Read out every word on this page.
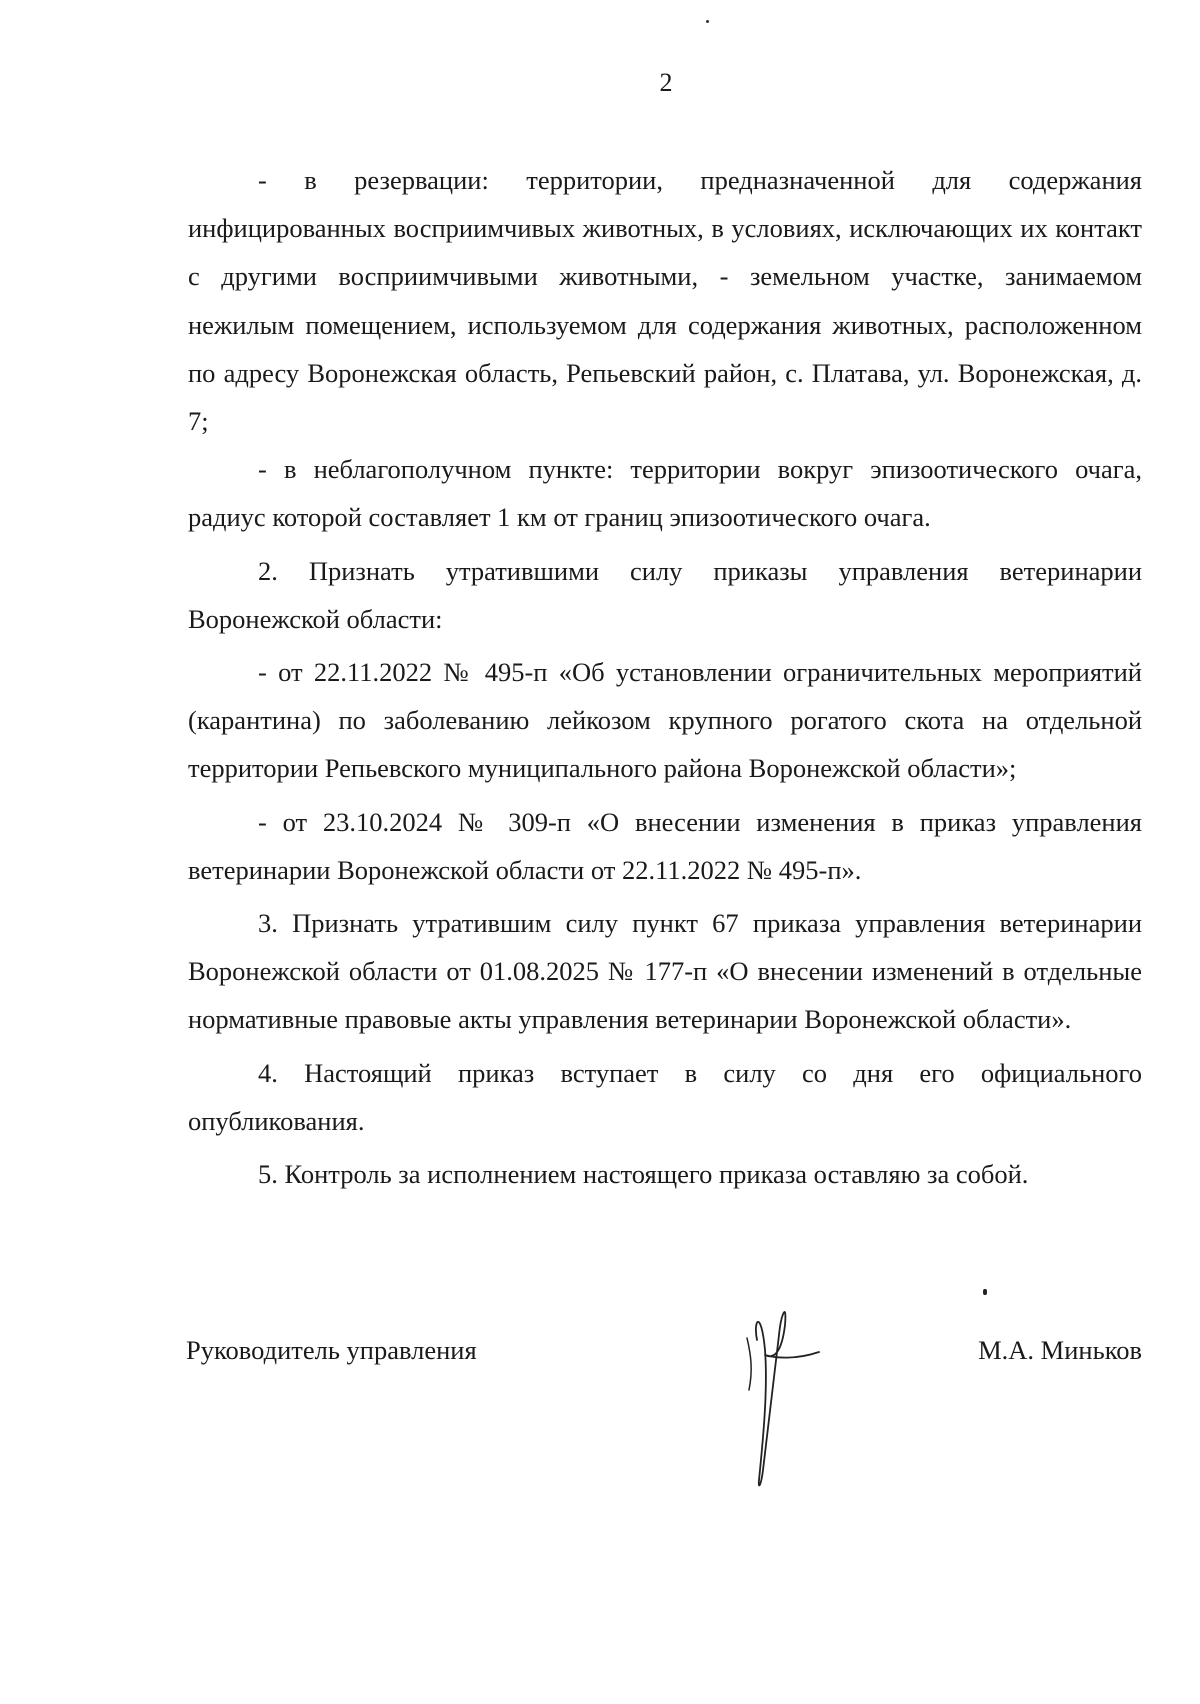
2

- в резервации: территории, предназначенной для содержания инфицированных восприимчивых животных, в условиях, исключающих их контакт с другими восприимчивыми животными, - земельном участке, занимаемом нежилым помещением, используемом для содержания животных, расположенном по адресу Воронежская область, Репьевский район, с. Платава, ул. Воронежская, д. 7;

- в неблагополучном пункте: территории вокруг эпизоотического очага, радиус которой составляет 1 км от границ эпизоотического очага.

2. Признать утратившими силу приказы управления ветеринарии Воронежской области:

- от 22.11.2022 № 495-п «Об установлении ограничительных мероприятий (карантина) по заболеванию лейкозом крупного рогатого скота на отдельной территории Репьевского муниципального района Воронежской области»;

- от 23.10.2024 № 309-п «О внесении изменения в приказ управления ветеринарии Воронежской области от 22.11.2022 № 495-п».

3. Признать утратившим силу пункт 67 приказа управления ветеринарии Воронежской области от 01.08.2025 № 177-п «О внесении изменений в отдельные нормативные правовые акты управления ветеринарии Воронежской области».

4. Настоящий приказ вступает в силу со дня его официального опубликования.

5. Контроль за исполнением настоящего приказа оставляю за собой.

Руководитель управления	М.А. Миньков
